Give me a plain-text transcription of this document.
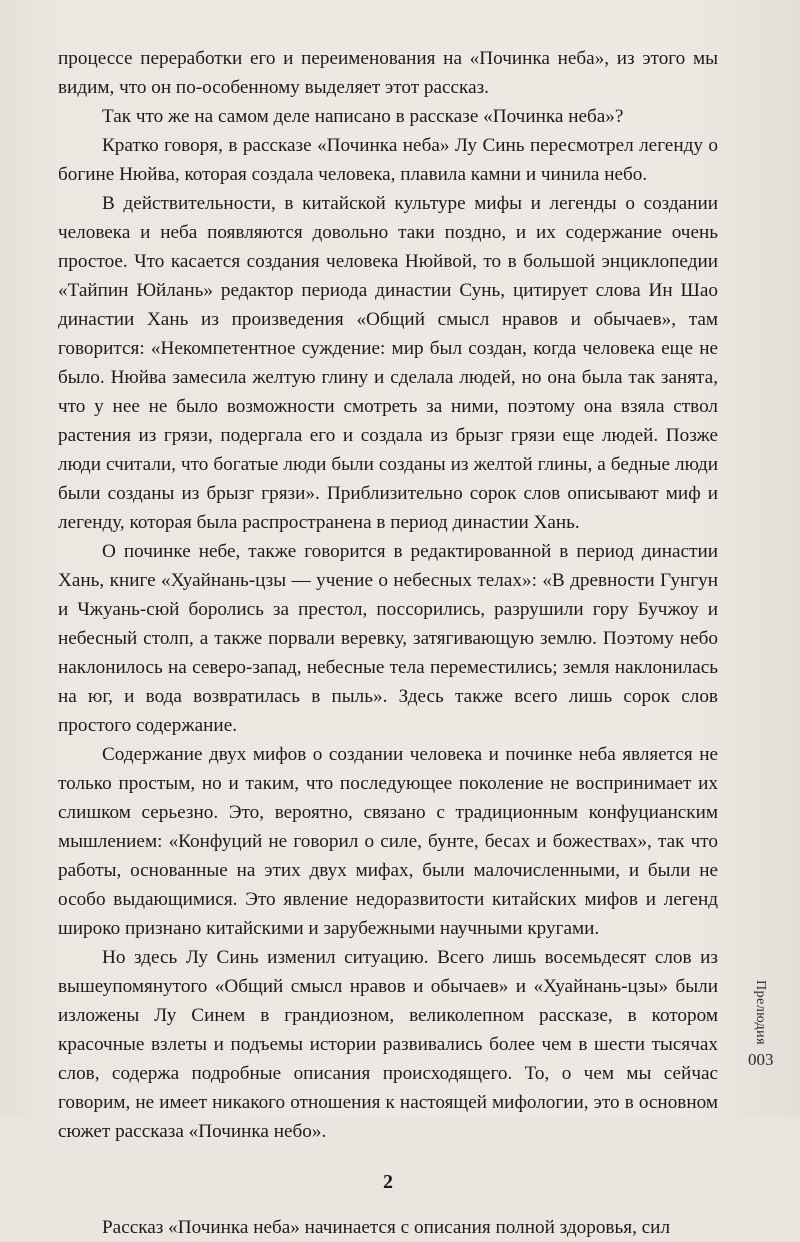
процессе переработки его и переименования на «Починка неба», из этого мы видим, что он по-особенному выделяет этот рассказ.

Так что же на самом деле написано в рассказе «Починка неба»?

Кратко говоря, в рассказе «Починка неба» Лу Синь пересмотрел легенду о богине Нюйва, которая создала человека, плавила камни и чинила небо.

В действительности, в китайской культуре мифы и легенды о создании человека и неба появляются довольно таки поздно, и их содержание очень простое. Что касается создания человека Нюйвой, то в большой энциклопедии «Тайпин Юйлань» редактор периода династии Сунь, цитирует слова Ин Шао династии Хань из произведения «Общий смысл нравов и обычаев», там говорится: «Некомпетентное суждение: мир был создан, когда человека еще не было. Нюйва замесила желтую глину и сделала людей, но она была так занята, что у нее не было возможности смотреть за ними, поэтому она взяла ствол растения из грязи, подергала его и создала из брызг грязи еще людей. Позже люди считали, что богатые люди были созданы из желтой глины, а бедные люди были созданы из брызг грязи». Приблизительно сорок слов описывают миф и легенду, которая была распространена в период династии Хань.

О починке небе, также говорится в редактированной в период династии Хань, книге «Хуайнань-цзы — учение о небесных телах»: «В древности Гунгун и Чжуань-сюй боролись за престол, поссорились, разрушили гору Бучжоу и небесный столп, а также порвали веревку, затягивающую землю. Поэтому небо наклонилось на северо-запад, небесные тела переместились; земля наклонилась на юг, и вода возвратилась в пыль». Здесь также всего лишь сорок слов простого содержание.

Содержание двух мифов о создании человека и починке неба является не только простым, но и таким, что последующее поколение не воспринимает их слишком серьезно. Это, вероятно, связано с традиционным конфуцианским мышлением: «Конфуций не говорил о силе, бунте, бесах и божествах», так что работы, основанные на этих двух мифах, были малочисленными, и были не особо выдающимися. Это явление недоразвитости китайских мифов и легенд широко признано китайскими и зарубежными научными кругами.

Но здесь Лу Синь изменил ситуацию. Всего лишь восемьдесят слов из вышеупомянутого «Общий смысл нравов и обычаев» и «Хуайнань-цзы» были изложены Лу Синем в грандиозном, великолепном рассказе, в котором красочные взлеты и подъемы истории развивались более чем в шести тысячах слов, содержа подробные описания происходящего. То, о чем мы сейчас говорим, не имеет никакого отношения к настоящей мифологии, это в основном сюжет рассказа «Починка небо».

2

Рассказ «Починка неба» начинается с описания полной здоровья, сил

Прелюдия
003
